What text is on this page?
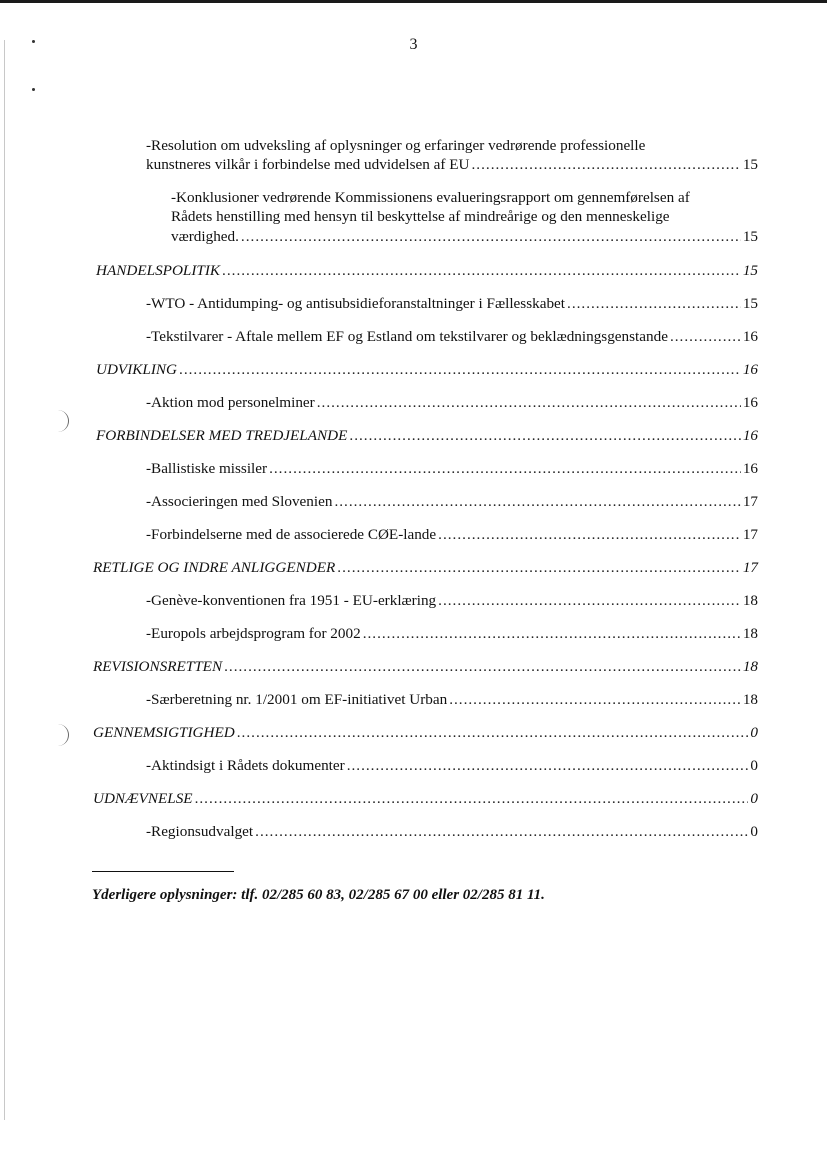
3
-Resolution om udveksling af oplysninger og erfaringer vedrørende professionelle
kunstneres vilkår i forbindelse med udvidelsen af EU .....	15
-Konklusioner vedrørende Kommissionens evalueringsrapport om gennemførelsen af
Rådets henstilling med hensyn til beskyttelse af mindreårige og den menneskelige
værdighed. .....	15
HANDELSPOLITIK .....	15
-WTO - Antidumping- og antisubsidieforanstaltninger i Fællesskabet .....	15
-Tekstilvarer - Aftale mellem EF og Estland om tekstilvarer og beklædningsgenstande .....	16
UDVIKLING .....	16
-Aktion mod personelminer .....	16
FORBINDELSER MED TREDJELANDE .....	16
-Ballistiske missiler .....	16
-Associeringen med Slovenien .....	17
-Forbindelserne med de associerede CØE-lande .....	17
RETLIGE OG INDRE ANLIGGENDER .....	17
-Genève-konventionen fra 1951 - EU-erklæring .....	18
-Europols arbejdsprogram for 2002 .....	18
REVISIONSRETTEN .....	18
-Særberetning nr. 1/2001 om EF-initiativet Urban .....	18
GENNEMSIGTIGHED .....	0
-Aktindsigt i Rådets dokumenter .....	0
UDNÆVNELSE .....	0
-Regionsudvalget .....	0
Yderligere oplysninger: tlf. 02/285 60 83, 02/285 67 00 eller 02/285 81 11.
